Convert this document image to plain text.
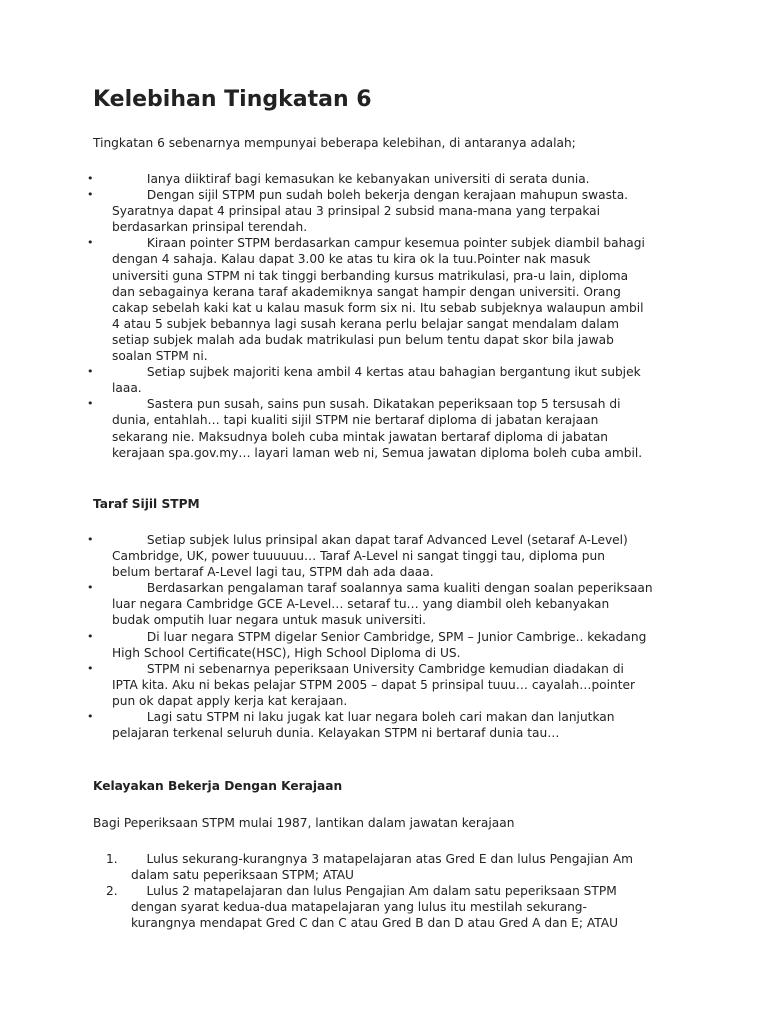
Kelebihan Tingkatan 6

Tingkatan 6 sebenarnya mempunyai beberapa kelebihan, di antaranya adalah;

•	Ianya diiktiraf bagi kemasukan ke kebanyakan universiti di serata dunia.
•	Dengan sijil STPM pun sudah boleh bekerja dengan kerajaan mahupun swasta.
Syaratnya dapat 4 prinsipal atau 3 prinsipal 2 subsid mana-mana yang terpakai
berdasarkan prinsipal terendah.
•	Kiraan pointer STPM berdasarkan campur kesemua pointer subjek diambil bahagi
dengan 4 sahaja. Kalau dapat 3.00 ke atas tu kira ok la tuu.Pointer nak masuk
universiti guna STPM ni tak tinggi berbanding kursus matrikulasi, pra-u lain, diploma
dan sebagainya kerana taraf akademiknya sangat hampir dengan universiti. Orang
cakap sebelah kaki kat u kalau masuk form six ni. Itu sebab subjeknya walaupun ambil
4 atau 5 subjek bebannya lagi susah kerana perlu belajar sangat mendalam dalam
setiap subjek malah ada budak matrikulasi pun belum tentu dapat skor bila jawab
soalan STPM ni.
•	Setiap sujbek majoriti kena ambil 4 kertas atau bahagian bergantung ikut subjek
laaa.
•	Sastera pun susah, sains pun susah. Dikatakan peperiksaan top 5 tersusah di
dunia, entahlah… tapi kualiti sijil STPM nie bertaraf diploma di jabatan kerajaan
sekarang nie. Maksudnya boleh cuba mintak jawatan bertaraf diploma di jabatan
kerajaan spa.gov.my… layari laman web ni, Semua jawatan diploma boleh cuba ambil.

Taraf Sijil STPM

•	Setiap subjek lulus prinsipal akan dapat taraf Advanced Level (setaraf A-Level)
Cambridge, UK, power tuuuuuu… Taraf A-Level ni sangat tinggi tau, diploma pun
belum bertaraf A-Level lagi tau, STPM dah ada daaa.
•	Berdasarkan pengalaman taraf soalannya sama kualiti dengan soalan peperiksaan
luar negara Cambridge GCE A-Level… setaraf tu… yang diambil oleh kebanyakan
budak omputih luar negara untuk masuk universiti.
•	Di luar negara STPM digelar Senior Cambridge, SPM – Junior Cambrige.. kekadang
High School Certificate(HSC), High School Diploma di US.
•	STPM ni sebenarnya peperiksaan University Cambridge kemudian diadakan di
IPTA kita. Aku ni bekas pelajar STPM 2005 – dapat 5 prinsipal tuuu… cayalah…pointer
pun ok dapat apply kerja kat kerajaan.
•	Lagi satu STPM ni laku jugak kat luar negara boleh cari makan dan lanjutkan
pelajaran terkenal seluruh dunia. Kelayakan STPM ni bertaraf dunia tau…

Kelayakan Bekerja Dengan Kerajaan

Bagi Peperiksaan STPM mulai 1987, lantikan dalam jawatan kerajaan

1. Lulus sekurang-kurangnya 3 matapelajaran atas Gred E dan lulus Pengajian Am
dalam satu peperiksaan STPM; ATAU
2. Lulus 2 matapelajaran dan lulus Pengajian Am dalam satu peperiksaan STPM
dengan syarat kedua-dua matapelajaran yang lulus itu mestilah sekurang-
kurangnya mendapat Gred C dan C atau Gred B dan D atau Gred A dan E; ATAU
